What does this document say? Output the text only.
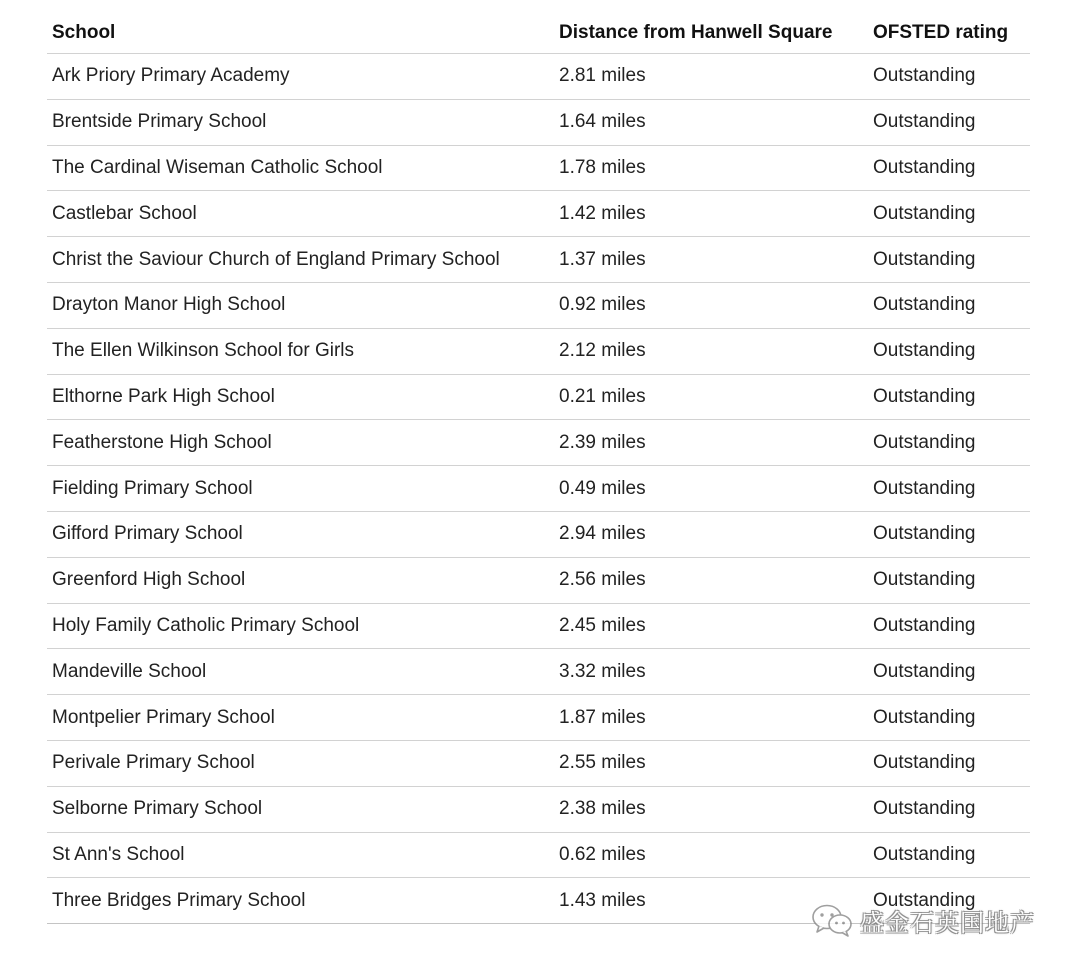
School	Distance from Hanwell Square	OFSTED rating
Ark Priory Primary Academy	2.81 miles	Outstanding
Brentside Primary School	1.64 miles	Outstanding
The Cardinal Wiseman Catholic School	1.78 miles	Outstanding
Castlebar School	1.42 miles	Outstanding
Christ the Saviour Church of England Primary School	1.37 miles	Outstanding
Drayton Manor High School	0.92 miles	Outstanding
The Ellen Wilkinson School for Girls	2.12 miles	Outstanding
Elthorne Park High School	0.21 miles	Outstanding
Featherstone High School	2.39 miles	Outstanding
Fielding Primary School	0.49 miles	Outstanding
Gifford Primary School	2.94 miles	Outstanding
Greenford High School	2.56 miles	Outstanding
Holy Family Catholic Primary School	2.45 miles	Outstanding
Mandeville School	3.32 miles	Outstanding
Montpelier Primary School	1.87 miles	Outstanding
Perivale Primary School	2.55 miles	Outstanding
Selborne Primary School	2.38 miles	Outstanding
St Ann's School	0.62 miles	Outstanding
Three Bridges Primary School	1.43 miles	Outstanding
盛金石英国地产
